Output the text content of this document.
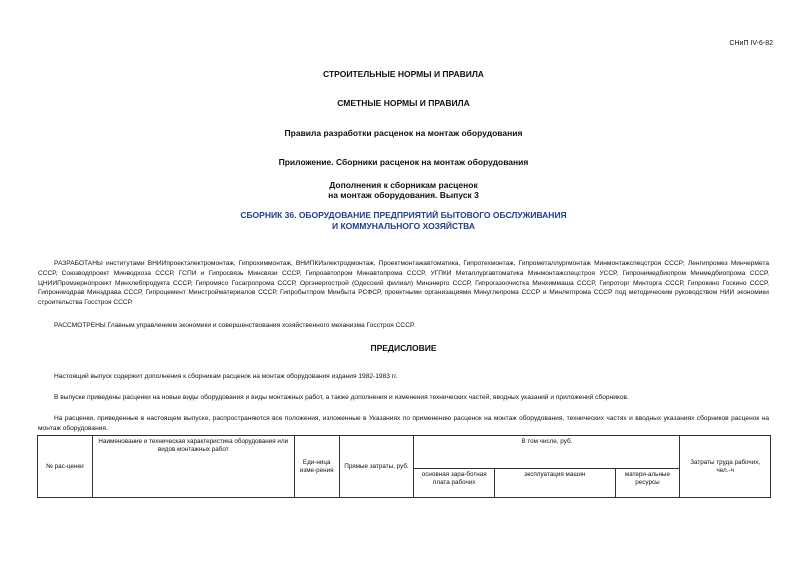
СНиП IV-6-82
СТРОИТЕЛЬНЫЕ НОРМЫ И ПРАВИЛА
СМЕТНЫЕ НОРМЫ И ПРАВИЛА
Правила разработки расценок на монтаж оборудования
Приложение. Сборники расценок на монтаж оборудования
Дополнения к сборникам расценок
на монтаж оборудования. Выпуск 3
СБОРНИК 36. ОБОРУДОВАНИЕ ПРЕДПРИЯТИЙ БЫТОВОГО ОБСЛУЖИВАНИЯ
И КОММУНАЛЬНОГО ХОЗЯЙСТВА
РАЗРАБОТАНЫ институтами ВНИИпроектэлектромонтаж, Гипрохиммонтаж, ВНИПКИэлектродмонтаж, Проектмонтажавтоматика, Гипротехмонтаж, Гипрометаллургмонтаж Минмонтажспецстроя СССР; Ленгипромез Минчермета СССР, Союзводпроект Минводхоза СССР, ГСПИ и Гипросвязь Минсвязи СССР, Гипроавтопром Минавтопрома СССР, УГПКИ Металлургавтоматика Минмонтажспецстроя УССР, Гипронимедбиопром Минмедбиопрома СССР, ЦНИИПромзернопроект Минхлебпродукта СССР, Гипромясо Госагропрома СССР, Оргэнергострой (Одесский филиал) Минэнерго СССР, Гипрогазоочистка Минхиммаша СССР, Гипроторг Минторга СССР, Гипрокино Госкино СССР, Гипронииздрав Минздрава СССР, Гипроцемент Минстройматериалов СССР, Гипробытпром Минбыта РСФСР, проектными организациями Минуглепрома СССР и Минлегпрома СССР под методическим руководством НИИ экономики строительства Госстроя СССР.
РАССМОТРЕНЫ Главным управлением экономики и совершенствования хозяйственного механизма Госстроя СССР.
ПРЕДИСЛОВИЕ
Настоящий выпуск содержит дополнения к сборникам расценок на монтаж оборудования издания 1982-1983 гг.
В выпуске приведены расценки на новые виды оборудования и виды монтажных работ, а также дополнения и изменения технических частей, вводных указаний и приложений сборников.
На расценки, приведенные в настоящем выпуске, распространяются все положения, изложенные в Указаниях по применению расценок на монтаж оборудования, технических частях и вводных указаниях сборников расценок на монтаж оборудования.
№ рас-ценки	Наименование и техническая характеристика оборудования или видов монтажных работ	Еди-ница изме-рения	Прямые затраты, руб.	В том числе, руб.			Затраты труда рабочих, чел.-ч
				основная зара-ботная плата рабочих	эксплуатация машин	матери-альные ресурсы	
